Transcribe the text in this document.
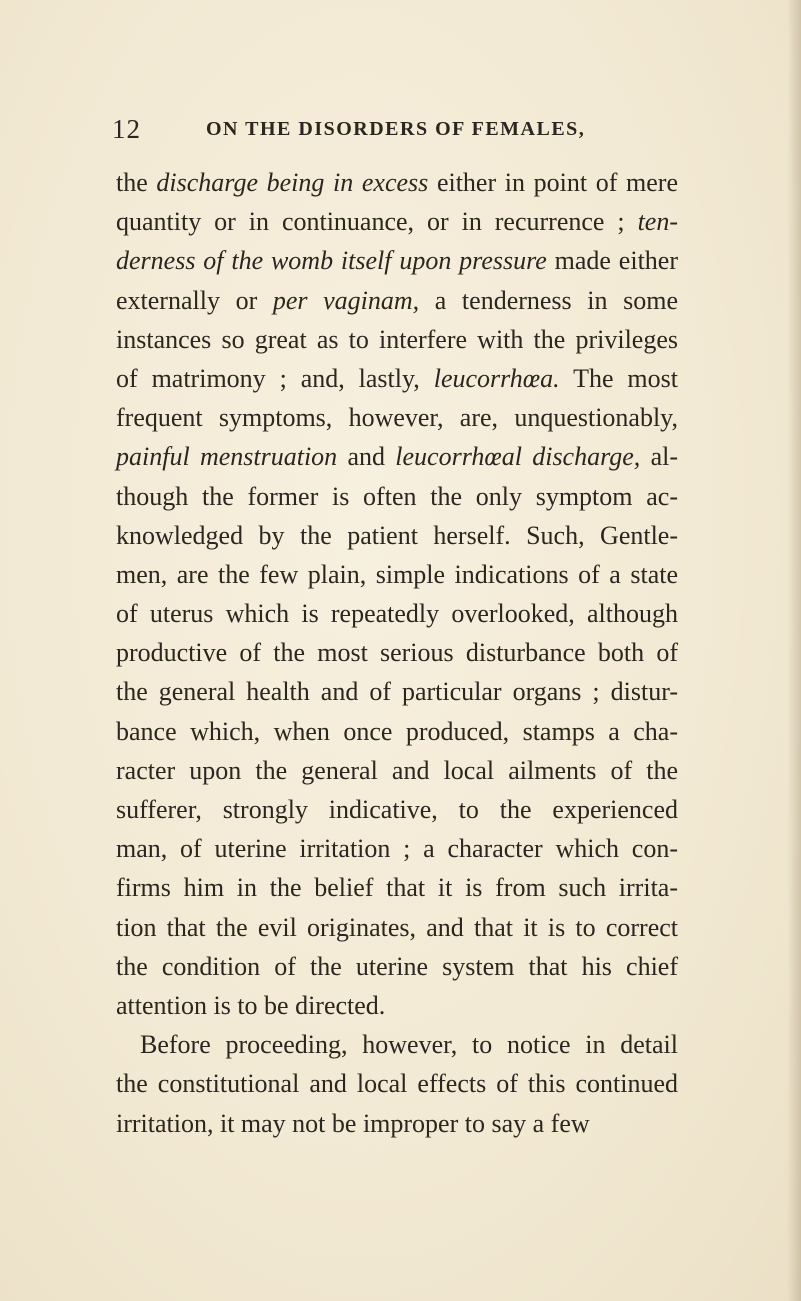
12	ON THE DISORDERS OF FEMALES,
the discharge being in excess either in point of mere
quantity or in continuance, or in recurrence ; ten-
derness of the womb itself upon pressure made either
externally or per vaginam, a tenderness in some
instances so great as to interfere with the privileges
of matrimony ; and, lastly, leucorrhœa. The most
frequent symptoms, however, are, unquestionably,
painful menstruation and leucorrhœal discharge, al-
though the former is often the only symptom ac-
knowledged by the patient herself. Such, Gentle-
men, are the few plain, simple indications of a state
of uterus which is repeatedly overlooked, although
productive of the most serious disturbance both of
the general health and of particular organs ; distur-
bance which, when once produced, stamps a cha-
racter upon the general and local ailments of the
sufferer, strongly indicative, to the experienced
man, of uterine irritation ; a character which con-
firms him in the belief that it is from such irrita-
tion that the evil originates, and that it is to correct
the condition of the uterine system that his chief
attention is to be directed.
Before proceeding, however, to notice in detail
the constitutional and local effects of this continued
irritation, it may not be improper to say a few
